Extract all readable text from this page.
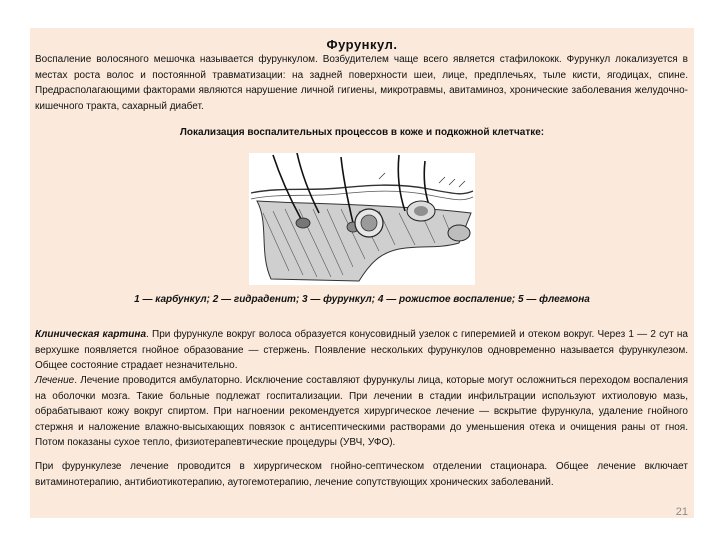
Фурункул.

Воспаление волосяного мешочка называется фурункулом. Возбудителем чаще всего является стафилококк. Фурункул локализуется в местах роста волос и постоянной травматизации: на задней поверхности шеи, лице, предплечьях, тыле кисти, ягодицах, спине. Предрасполагающими факторами являются нарушение личной гигиены, микротравмы, авитаминоз, хронические заболевания желудочно-кишечного тракта, сахарный диабет.

Локализация воспалительных процессов в коже и подкожной клетчатке:
1 — карбункул; 2 — гидраденит; 3 — фурункул; 4 — рожистое воспаление; 5 — флегмона

Клиническая картина. При фурункуле вокруг волоса образуется конусовидный узелок с гиперемией и отеком вокруг. Через 1 — 2 сут на верхушке появляется гнойное образование — стержень. Появление нескольких фурункулов одновременно называется фурункулезом. Общее состояние страдает незначительно.

Лечение. Лечение проводится амбулаторно. Исключение составляют фурункулы лица, которые могут осложниться переходом воспаления на оболочки мозга. Такие больные подлежат госпитализации. При лечении в стадии инфильтрации используют ихтиоловую мазь, обрабатывают кожу вокруг спиртом. При нагноении рекомендуется хирургическое лечение — вскрытие фурункула, удаление гнойного стержня и наложение влажно-высыхающих повязок с антисептическими растворами до уменьшения отека и очищения раны от гноя. Потом показаны сухое тепло, физиотерапевтические процедуры (УВЧ, УФО).

При фурункулезе лечение проводится в хирургическом гнойно-септическом отделении стационара. Общее лечение включает витаминотерапию, антибиотикотерапию, аутогемотерапию, лечение сопутствующих хронических заболеваний.

21
